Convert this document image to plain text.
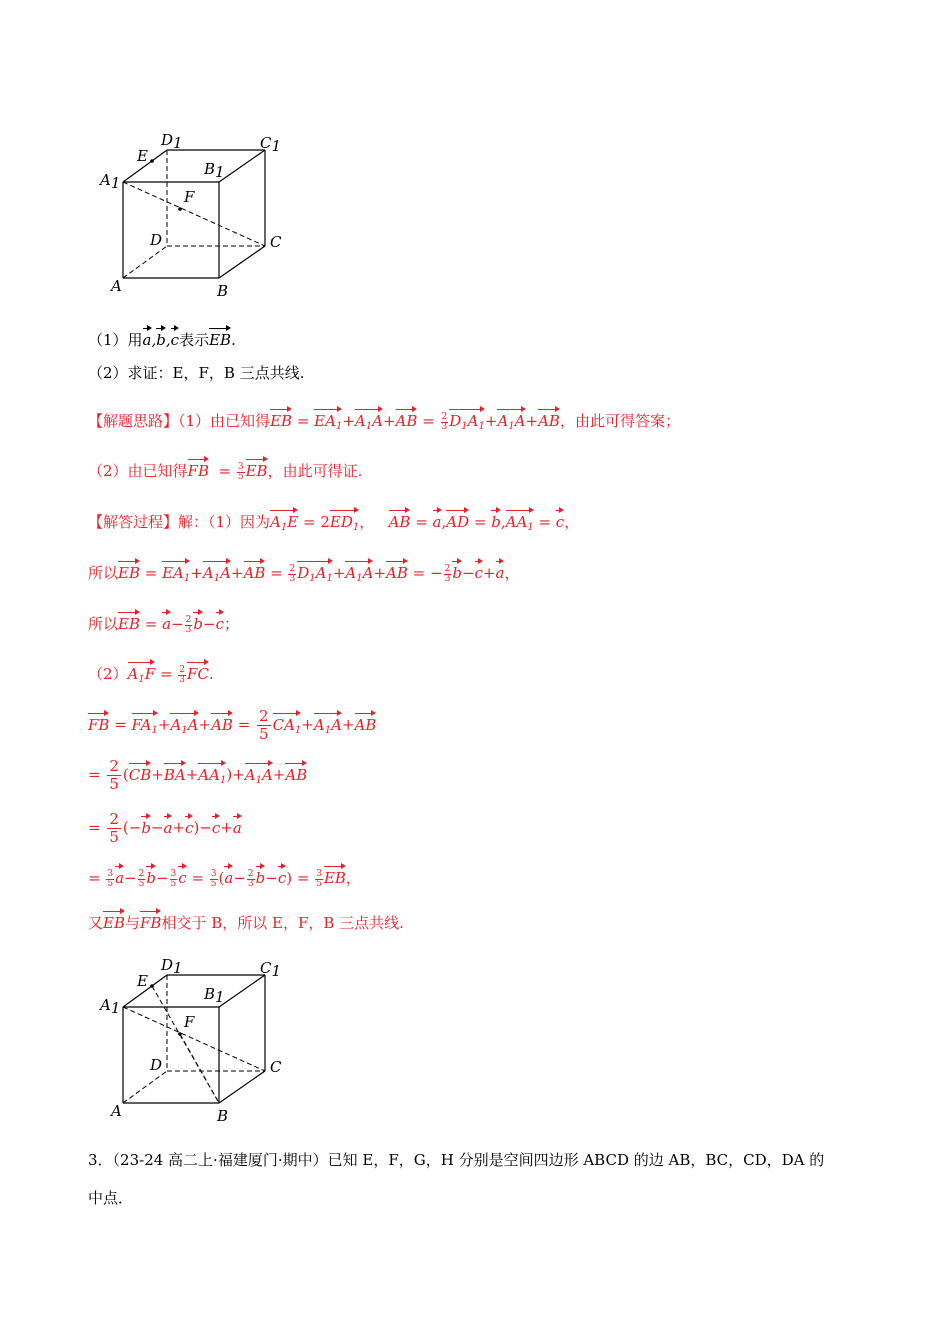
D1	C1
E
B1
A1
F
D	C
A	B
（1）用a,b,c表示EB.
（2）求证：E，F，B 三点共线.
【解题思路】（1）由已知得EB = $EA_1+A_1A+AB = \frac{2}{3} D_1A_1+A_1A+AB$，由此可得答案；
（2）由已知得FB  = $\frac{3}{5}$ EB，由此可得证.
【解答过程】解：（1）因为$A_1E = 2ED_1$， AB = $a,AD = b,AA_1 = c$，
所以EB = $EA_1+A_1A+AB = \frac{2}{3} D_1A_1+A_1A+AB$ = − $\frac{2}{3} b-c+a$，
所以EB = $a- \frac{2}{3} b-c$；
$(2)A_1F = \frac{2}{3}$ FC.
FB = $FA_1+A_1A+AB = \frac{2}{5} CA_1+A_1A+AB$
= $\frac{2}{5} (CB+BA+AA_1)+A_1A+AB$
= $\frac{2}{5} (-b-a+c)-c+a$
= $\frac{3}{5} a- \frac{2}{5} b- \frac{3}{5}$ $c = \frac{3}{5} (a- \frac{2}{3} b-c) = \frac{3}{5}$ EB，
又EB与FB相交于 B，所以 E，F，B 三点共线.
D1	C1
E
B1
A1
F
D	C
A	B
3．（23-24 高二上·福建厦门·期中）已知 E，F，G，H 分别是空间四边形 ABCD 的边 AB，BC，CD，DA 的
中点．
